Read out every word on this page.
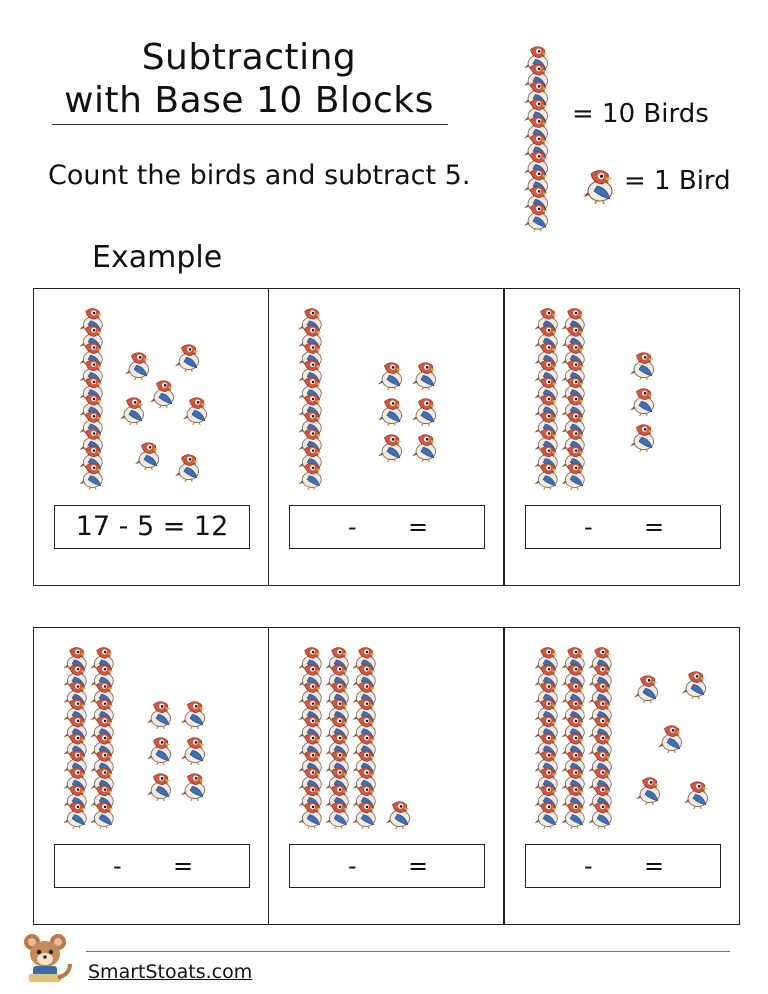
Subtracting
with Base 10 Blocks
Count the birds and subtract 5.
Example
= 10 Birds
= 1 Bird
17 - 5 = 12	- =	- =
- =	- =	- =
SmartStoats.com
